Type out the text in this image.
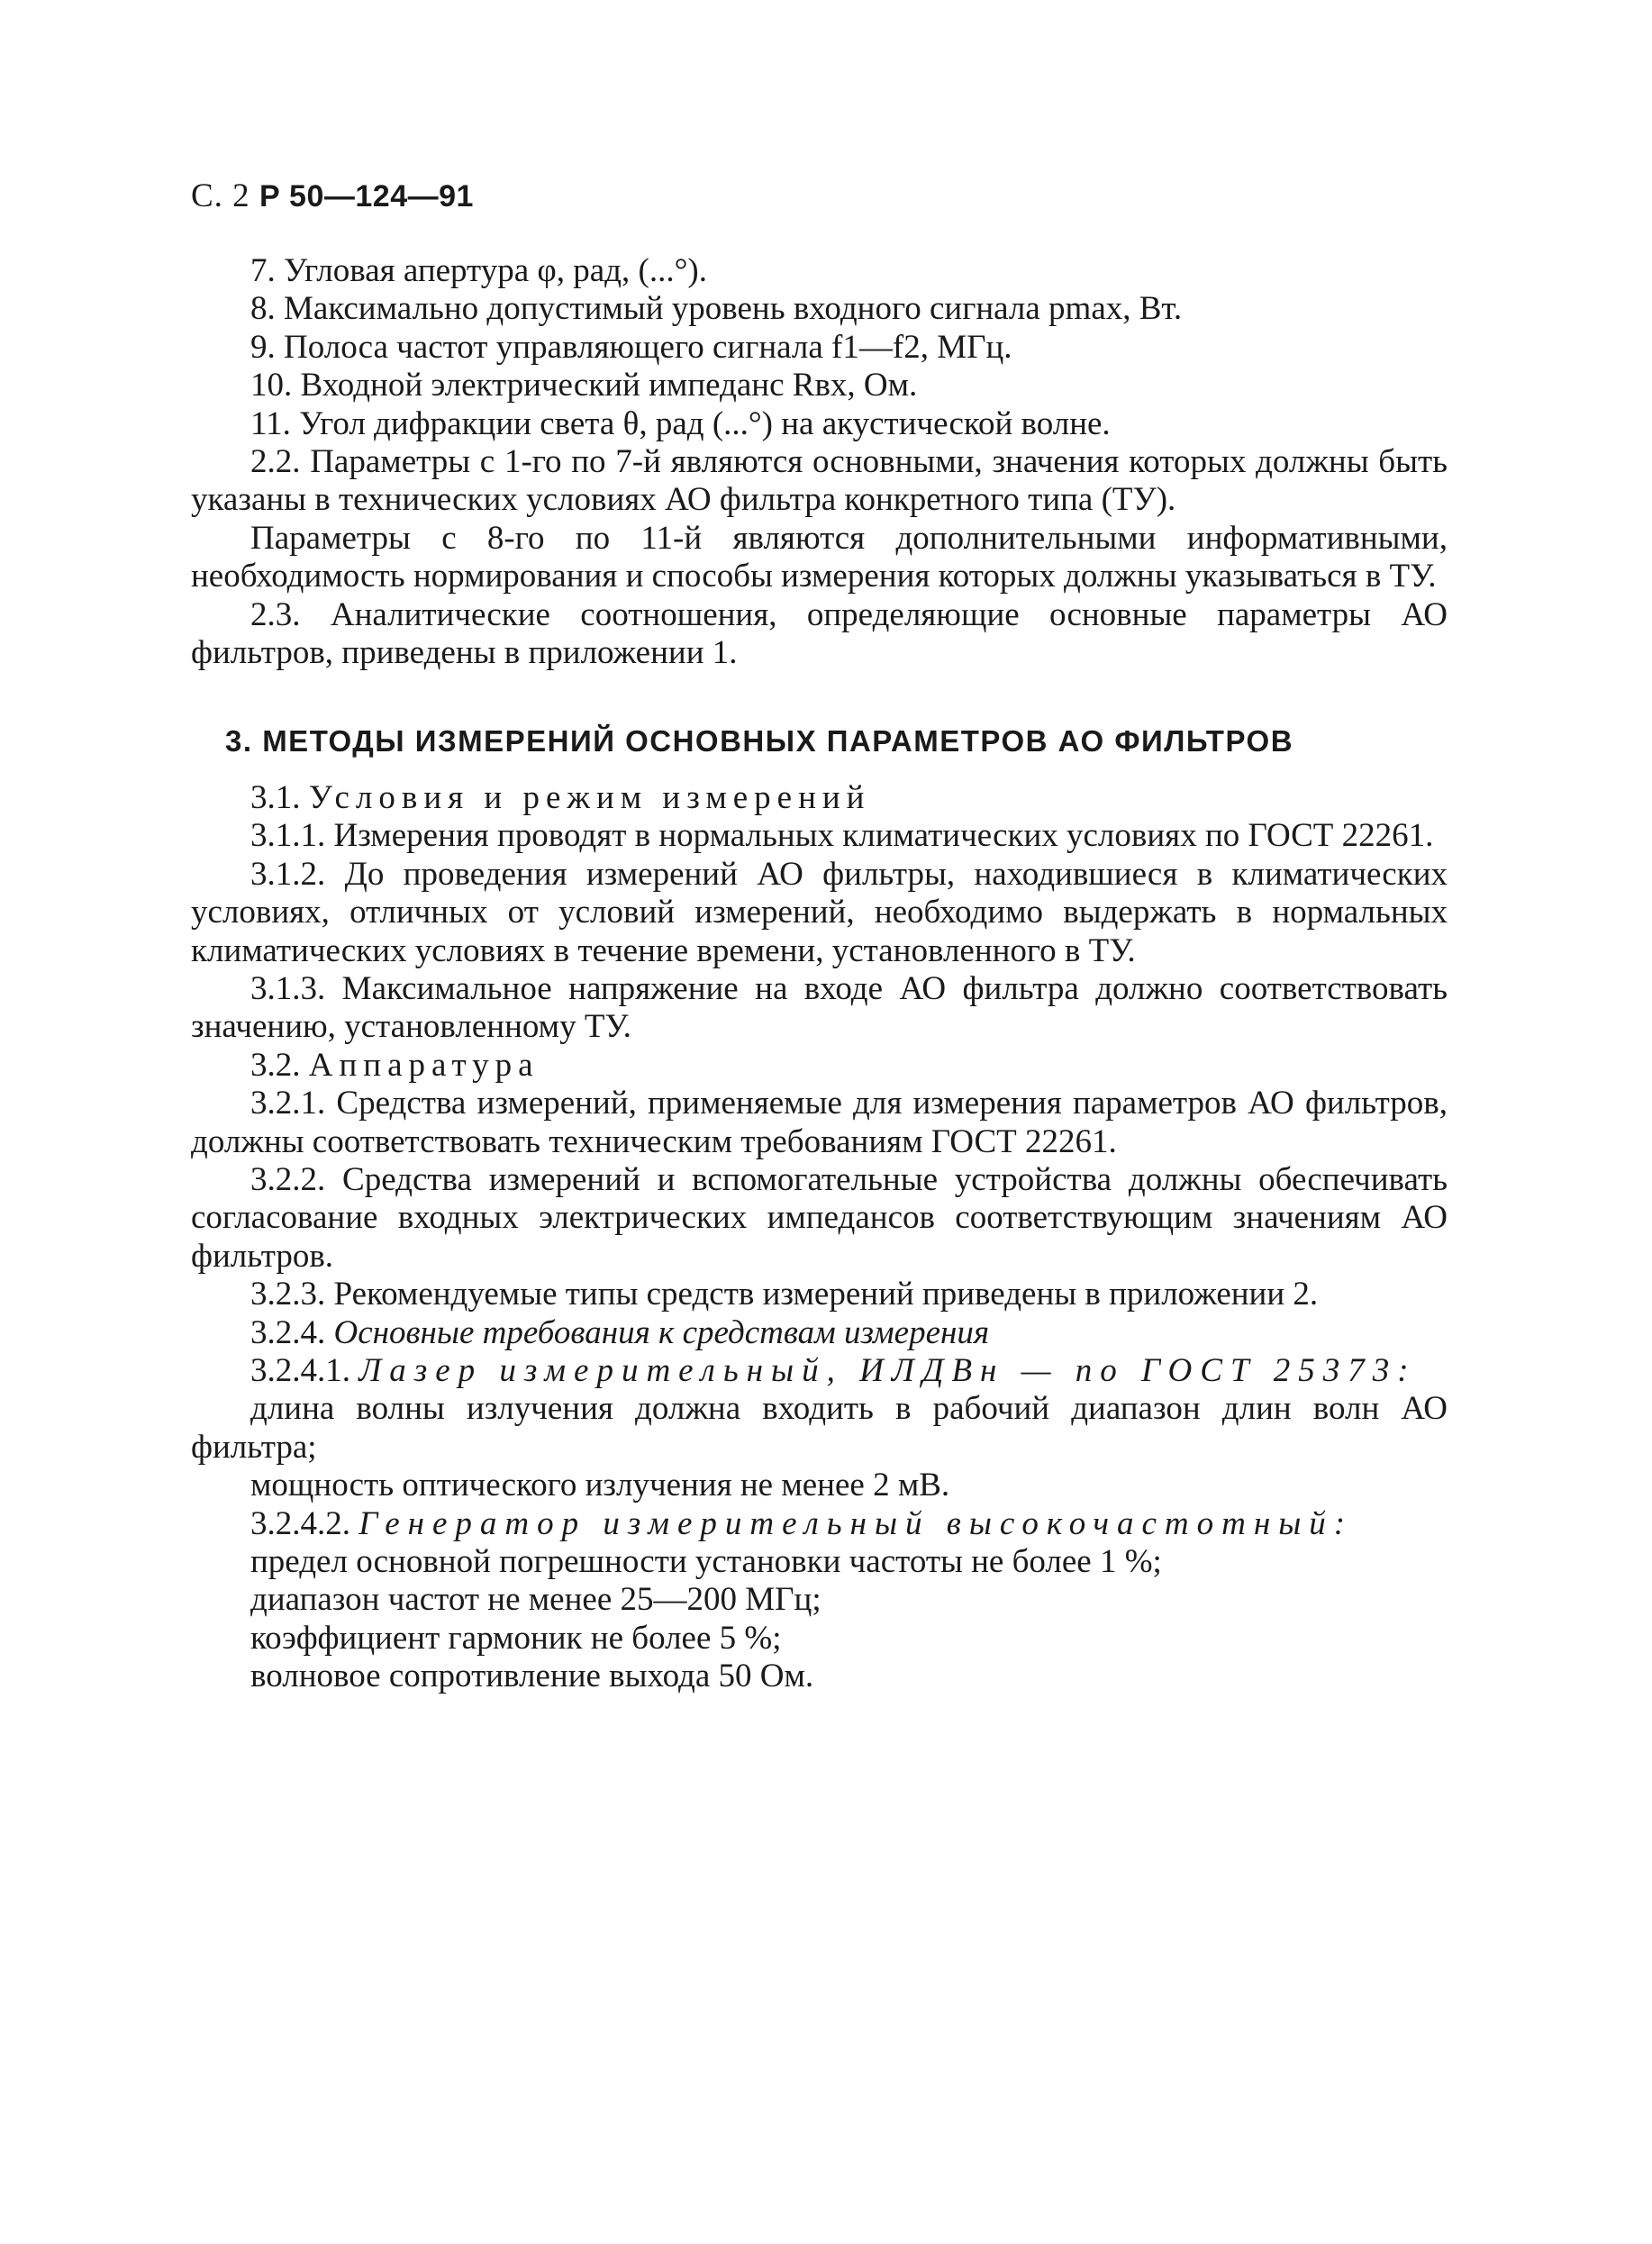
С. 2 Р 50—124—91

7. Угловая апертура φ, рад, (...°).

8. Максимально допустимый уровень входного сигнала pmax, Вт.

9. Полоса частот управляющего сигнала f1—f2, МГц.

10. Входной электрический импеданс Rвх, Ом.

11. Угол дифракции света θ, рад (...°) на акустической волне.

2.2. Параметры с 1-го по 7-й являются основными, значения которых должны быть указаны в технических условиях АО фильтра конкретного типа (ТУ).

Параметры с 8-го по 11-й являются дополнительными информативными, необходимость нормирования и способы измерения которых должны указываться в ТУ.

2.3. Аналитические соотношения, определяющие основные параметры АО фильтров, приведены в приложении 1.

3. МЕТОДЫ ИЗМЕРЕНИЙ ОСНОВНЫХ ПАРАМЕТРОВ АО ФИЛЬТРОВ

3.1. Условия и режим измерений

3.1.1. Измерения проводят в нормальных климатических условиях по ГОСТ 22261.

3.1.2. До проведения измерений АО фильтры, находившиеся в климатических условиях, отличных от условий измерений, необходимо выдержать в нормальных климатических условиях в течение времени, установленного в ТУ.

3.1.3. Максимальное напряжение на входе АО фильтра должно соответствовать значению, установленному ТУ.

3.2. Аппаратура

3.2.1. Средства измерений, применяемые для измерения параметров АО фильтров, должны соответствовать техническим требованиям ГОСТ 22261.

3.2.2. Средства измерений и вспомогательные устройства должны обеспечивать согласование входных электрических импедансов соответствующим значениям АО фильтров.

3.2.3. Рекомендуемые типы средств измерений приведены в приложении 2.

3.2.4. Основные требования к средствам измерения

3.2.4.1. Лазер измерительный, ИЛДВн — по ГОСТ 25373:

длина волны излучения должна входить в рабочий диапазон длин волн АО фильтра;

мощность оптического излучения не менее 2 мВ.

3.2.4.2. Генератор измерительный высокочастотный:

предел основной погрешности установки частоты не более 1 %;

диапазон частот не менее 25—200 МГц;

коэффициент гармоник не более 5 %;

волновое сопротивление выхода 50 Ом.
